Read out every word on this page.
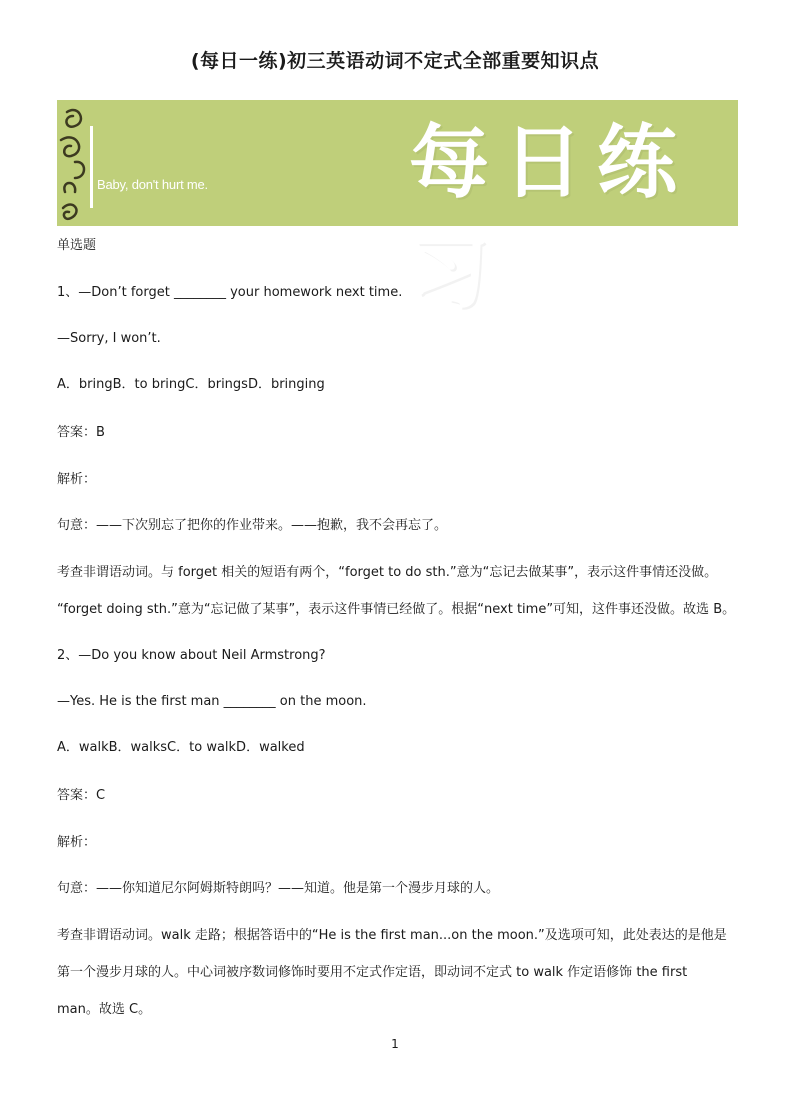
(每日一练)初三英语动词不定式全部重要知识点
Baby, don't hurt me.	每日练习
单选题
1、—Don’t forget ________ your homework next time.
—Sorry, I won’t.
A．bringB．to bringC．bringsD．bringing
答案：B
解析：
句意：——下次别忘了把你的作业带来。——抱歉，我不会再忘了。
考查非谓语动词。与 forget 相关的短语有两个，“forget to do sth.”意为“忘记去做某事”，表示这件事情还没做。
“forget doing sth.”意为“忘记做了某事”，表示这件事情已经做了。根据“next time”可知，这件事还没做。故选 B。
2、—Do you know about Neil Armstrong?
—Yes. He is the first man ________ on the moon.
A．walkB．walksC．to walkD．walked
答案：C
解析：
句意：——你知道尼尔阿姆斯特朗吗？——知道。他是第一个漫步月球的人。
考查非谓语动词。walk 走路；根据答语中的“He is the first man...on the moon.”及选项可知，此处表达的是他是
第一个漫步月球的人。中心词被序数词修饰时要用不定式作定语，即动词不定式 to walk 作定语修饰 the first
man。故选 C。
1
